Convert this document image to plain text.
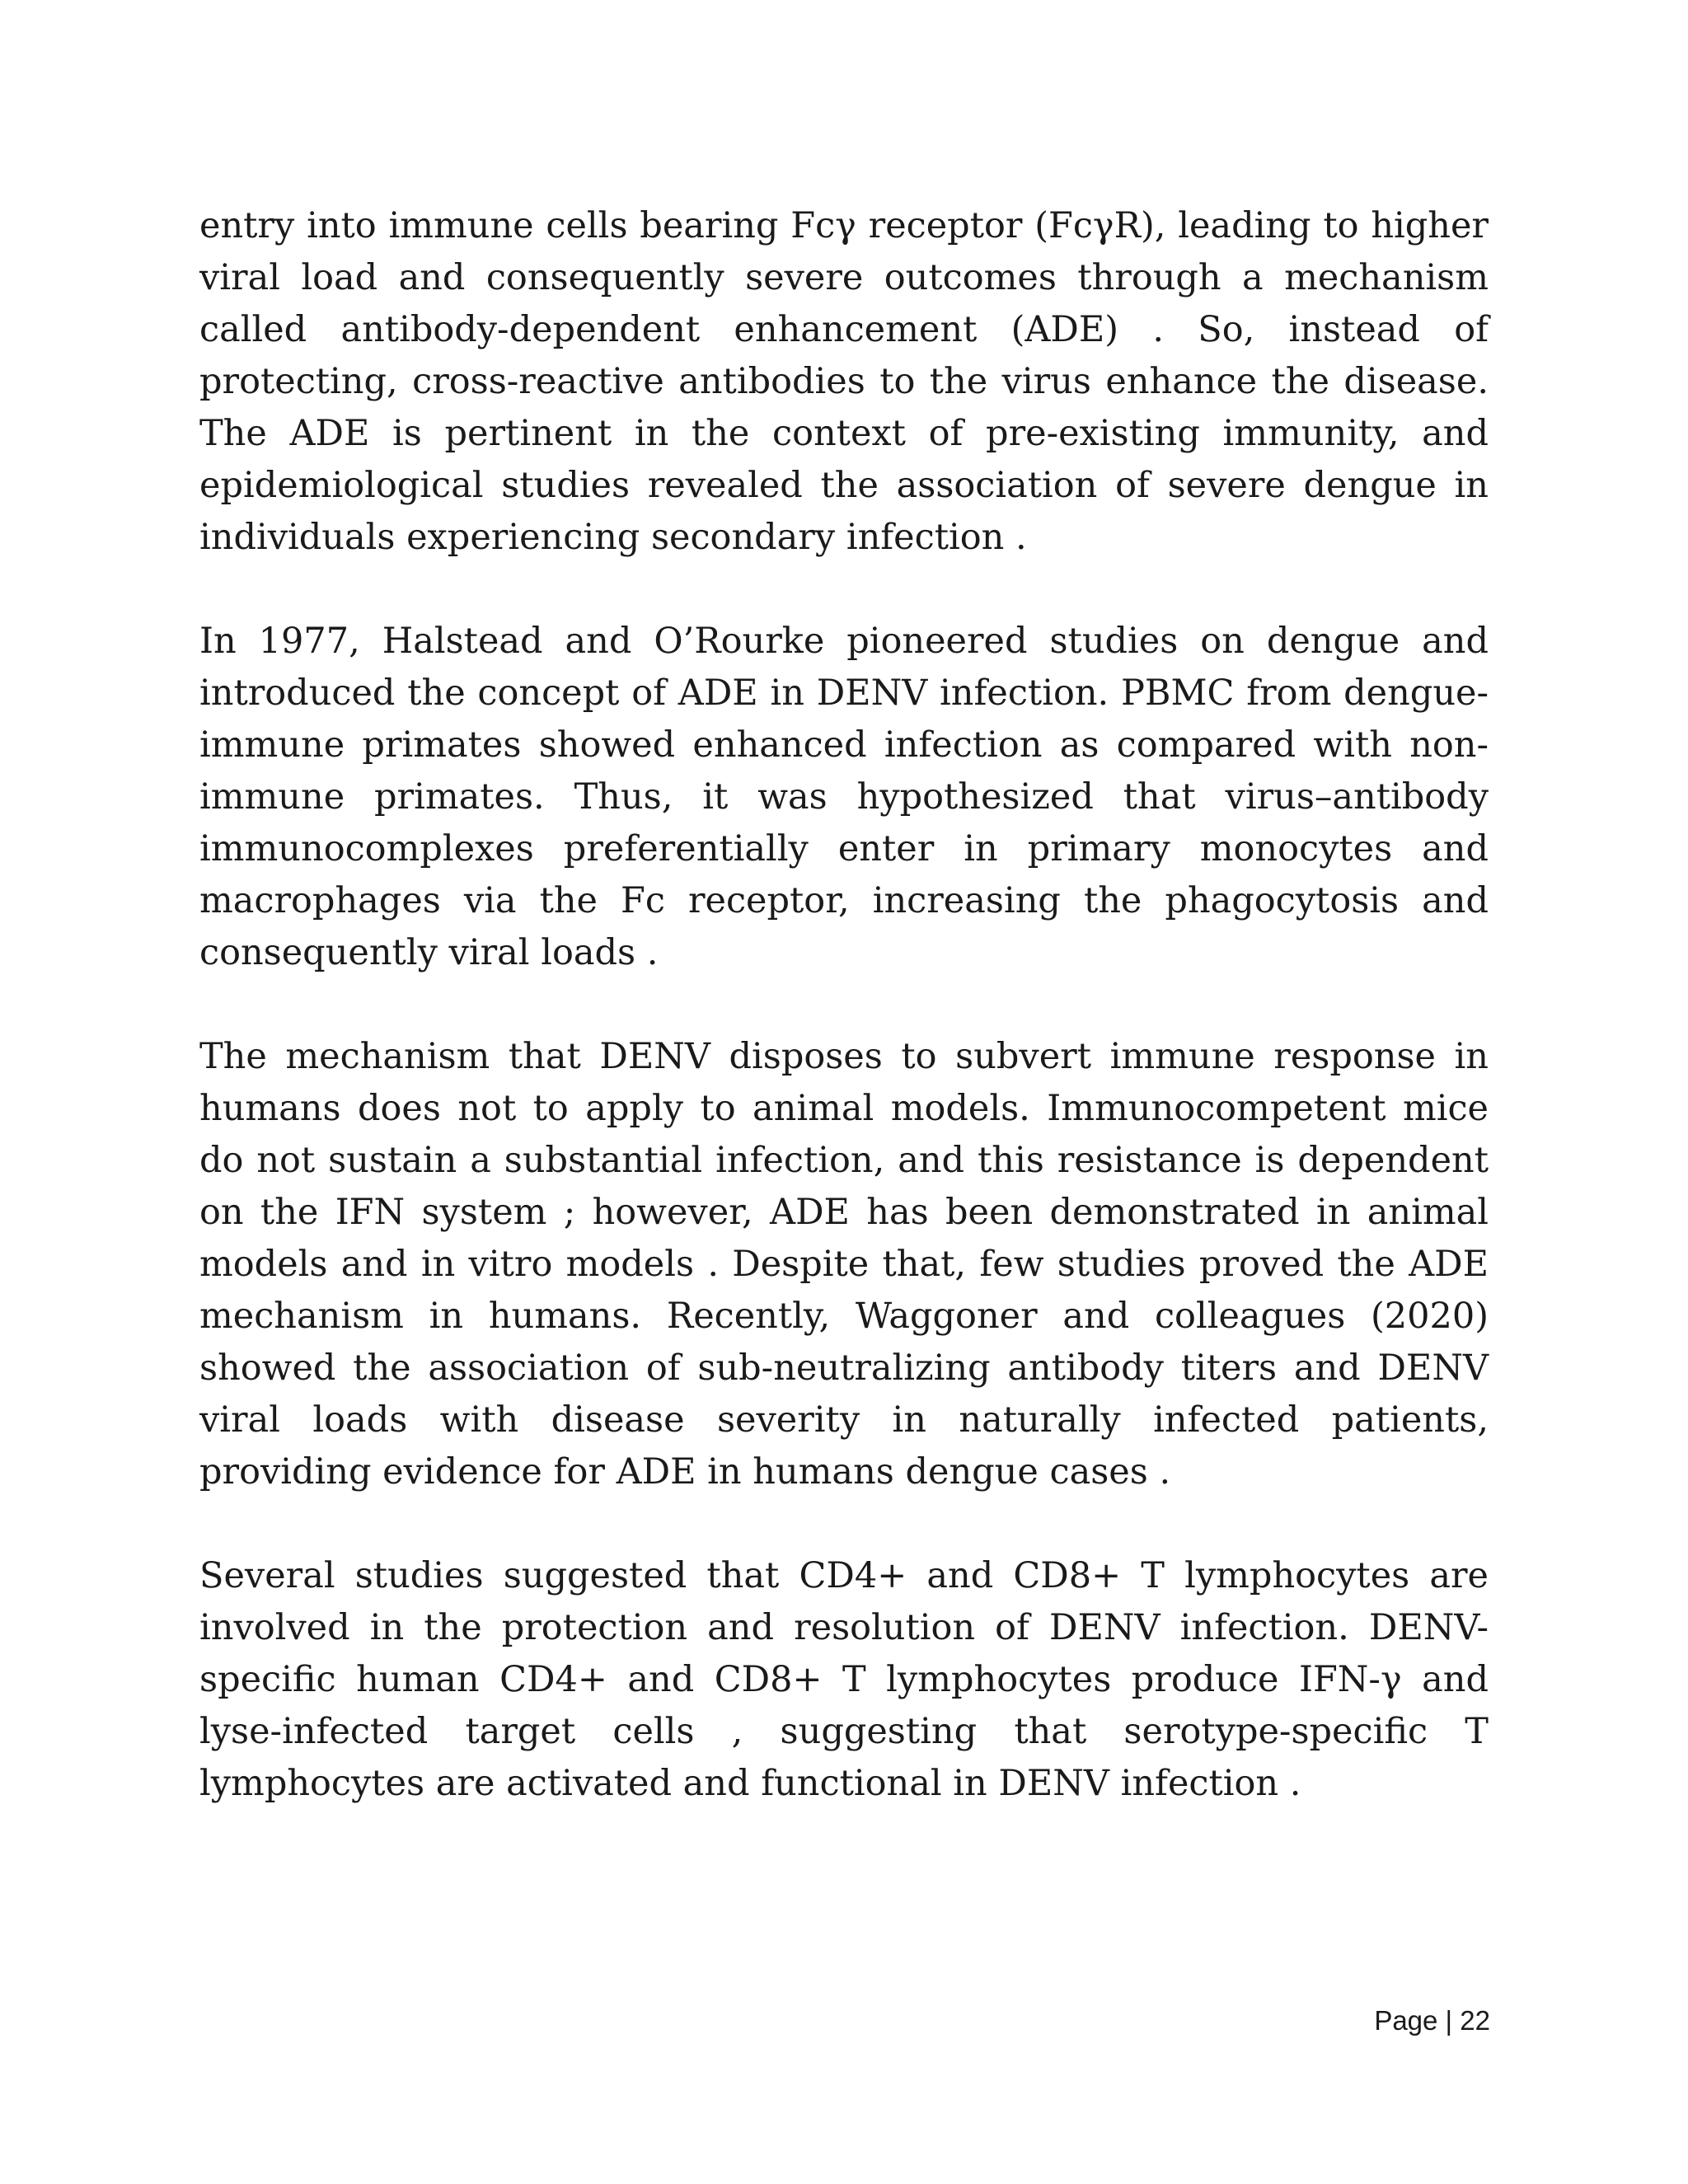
entry into immune cells bearing Fcγ receptor (FcγR), leading to higher viral load and consequently severe outcomes through a mechanism called antibody-dependent enhancement (ADE) . So, instead of protecting, cross-reactive antibodies to the virus enhance the disease. The ADE is pertinent in the context of pre-existing immunity, and epidemiological studies revealed the association of severe dengue in individuals experiencing secondary infection .

In 1977, Halstead and O’Rourke pioneered studies on dengue and introduced the concept of ADE in DENV infection. PBMC from dengue-immune primates showed enhanced infection as compared with non-immune primates. Thus, it was hypothesized that virus–antibody immunocomplexes preferentially enter in primary monocytes and macrophages via the Fc receptor, increasing the phagocytosis and consequently viral loads .

The mechanism that DENV disposes to subvert immune response in humans does not to apply to animal models. Immunocompetent mice do not sustain a substantial infection, and this resistance is dependent on the IFN system ; however, ADE has been demonstrated in animal models and in vitro models . Despite that, few studies proved the ADE mechanism in humans. Recently, Waggoner and colleagues (2020) showed the association of sub-neutralizing antibody titers and DENV viral loads with disease severity in naturally infected patients, providing evidence for ADE in humans dengue cases .

Several studies suggested that CD4+ and CD8+ T lymphocytes are involved in the protection and resolution of DENV infection. DENV-specific human CD4+ and CD8+ T lymphocytes produce IFN-γ and lyse-infected target cells , suggesting that serotype-specific T lymphocytes are activated and functional in DENV infection .

Page | 22
